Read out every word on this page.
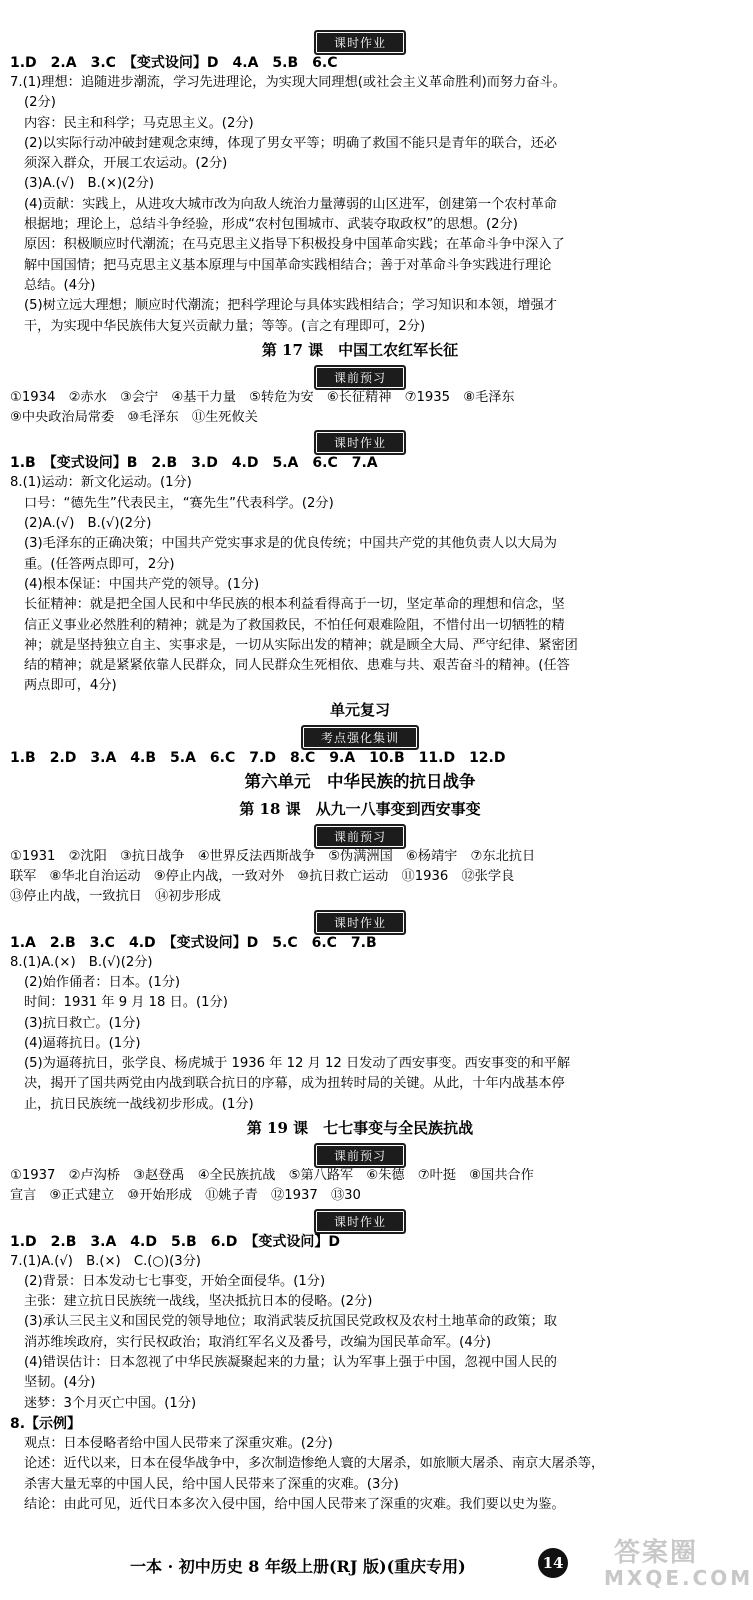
课时作业
1.D　2.A　3.C　【变式设问】D　4.A　5.B　6.C
7.(1)理想：追随进步潮流，学习先进理论，为实现大同理想(或社会主义革命胜利)而努力奋斗。
(2分)
内容：民主和科学；马克思主义。(2分)
(2)以实际行动冲破封建观念束缚，体现了男女平等；明确了救国不能只是青年的联合，还必
须深入群众，开展工农运动。(2分)
(3)A.(√)　B.(×)(2分)
(4)贡献：实践上，从进攻大城市改为向敌人统治力量薄弱的山区进军，创建第一个农村革命
根据地；理论上，总结斗争经验，形成“农村包围城市、武装夺取政权”的思想。(2分)
原因：积极顺应时代潮流；在马克思主义指导下积极投身中国革命实践；在革命斗争中深入了
解中国国情；把马克思主义基本原理与中国革命实践相结合；善于对革命斗争实践进行理论
总结。(4分)
(5)树立远大理想；顺应时代潮流；把科学理论与具体实践相结合；学习知识和本领，增强才
干，为实现中华民族伟大复兴贡献力量；等等。(言之有理即可，2分)
第 17 课　中国工农红军长征
课前预习
①1934　②赤水　③会宁　④基干力量　⑤转危为安　⑥长征精神　⑦1935　⑧毛泽东
⑨中央政治局常委　⑩毛泽东　⑪生死攸关
课时作业
1.B　【变式设问】B　2.B　3.D　4.D　5.A　6.C　7.A
8.(1)运动：新文化运动。(1分)
口号：“德先生”代表民主，“赛先生”代表科学。(2分)
(2)A.(√)　B.(√)(2分)
(3)毛泽东的正确决策；中国共产党实事求是的优良传统；中国共产党的其他负责人以大局为
重。(任答两点即可，2分)
(4)根本保证：中国共产党的领导。(1分)
长征精神：就是把全国人民和中华民族的根本利益看得高于一切，坚定革命的理想和信念，坚
信正义事业必然胜利的精神；就是为了救国救民，不怕任何艰难险阻，不惜付出一切牺牲的精
神；就是坚持独立自主、实事求是，一切从实际出发的精神；就是顾全大局、严守纪律、紧密团
结的精神；就是紧紧依靠人民群众，同人民群众生死相依、患难与共、艰苦奋斗的精神。(任答
两点即可，4分)
单元复习
考点强化集训
1.B　2.D　3.A　4.B　5.A　6.C　7.D　8.C　9.A　10.B　11.D　12.D
第六单元　中华民族的抗日战争
第 18 课　从九一八事变到西安事变
课前预习
①1931　②沈阳　③抗日战争　④世界反法西斯战争　⑤伪满洲国　⑥杨靖宇　⑦东北抗日
联军　⑧华北自治运动　⑨停止内战，一致对外　⑩抗日救亡运动　⑪1936　⑫张学良
⑬停止内战，一致抗日　⑭初步形成
课时作业
1.A　2.B　3.C　4.D　【变式设问】D　5.C　6.C　7.B
8.(1)A.(×)　B.(√)(2分)
(2)始作俑者：日本。(1分)
时间：1931 年 9 月 18 日。(1分)
(3)抗日救亡。(1分)
(4)逼蒋抗日。(1分)
(5)为逼蒋抗日，张学良、杨虎城于 1936 年 12 月 12 日发动了西安事变。西安事变的和平解
决，揭开了国共两党由内战到联合抗日的序幕，成为扭转时局的关键。从此，十年内战基本停
止，抗日民族统一战线初步形成。(1分)
第 19 课　七七事变与全民族抗战
课前预习
①1937　②卢沟桥　③赵登禹　④全民族抗战　⑤第八路军　⑥朱德　⑦叶挺　⑧国共合作
宣言　⑨正式建立　⑩开始形成　⑪姚子青　⑫1937　⑬30
课时作业
1.D　2.B　3.A　4.D　5.B　6.D　【变式设问】D
7.(1)A.(√)　B.(×)　C.(○)(3分)
(2)背景：日本发动七七事变，开始全面侵华。(1分)
主张：建立抗日民族统一战线，坚决抵抗日本的侵略。(2分)
(3)承认三民主义和国民党的领导地位；取消武装反抗国民党政权及农村土地革命的政策；取
消苏维埃政府，实行民权政治；取消红军名义及番号，改编为国民革命军。(4分)
(4)错误估计：日本忽视了中华民族凝聚起来的力量；认为军事上强于中国，忽视中国人民的
坚韧。(4分)
迷梦：3个月灭亡中国。(1分)
8.【示例】
观点：日本侵略者给中国人民带来了深重灾难。(2分)
论述：近代以来，日本在侵华战争中，多次制造惨绝人寰的大屠杀，如旅顺大屠杀、南京大屠杀等，
杀害大量无辜的中国人民，给中国人民带来了深重的灾难。(3分)
结论：由此可见，近代日本多次入侵中国，给中国人民带来了深重的灾难。我们要以史为鉴。
一本 · 初中历史 8 年级上册(RJ 版)(重庆专用)	14 答案圈
MXQE.COM
